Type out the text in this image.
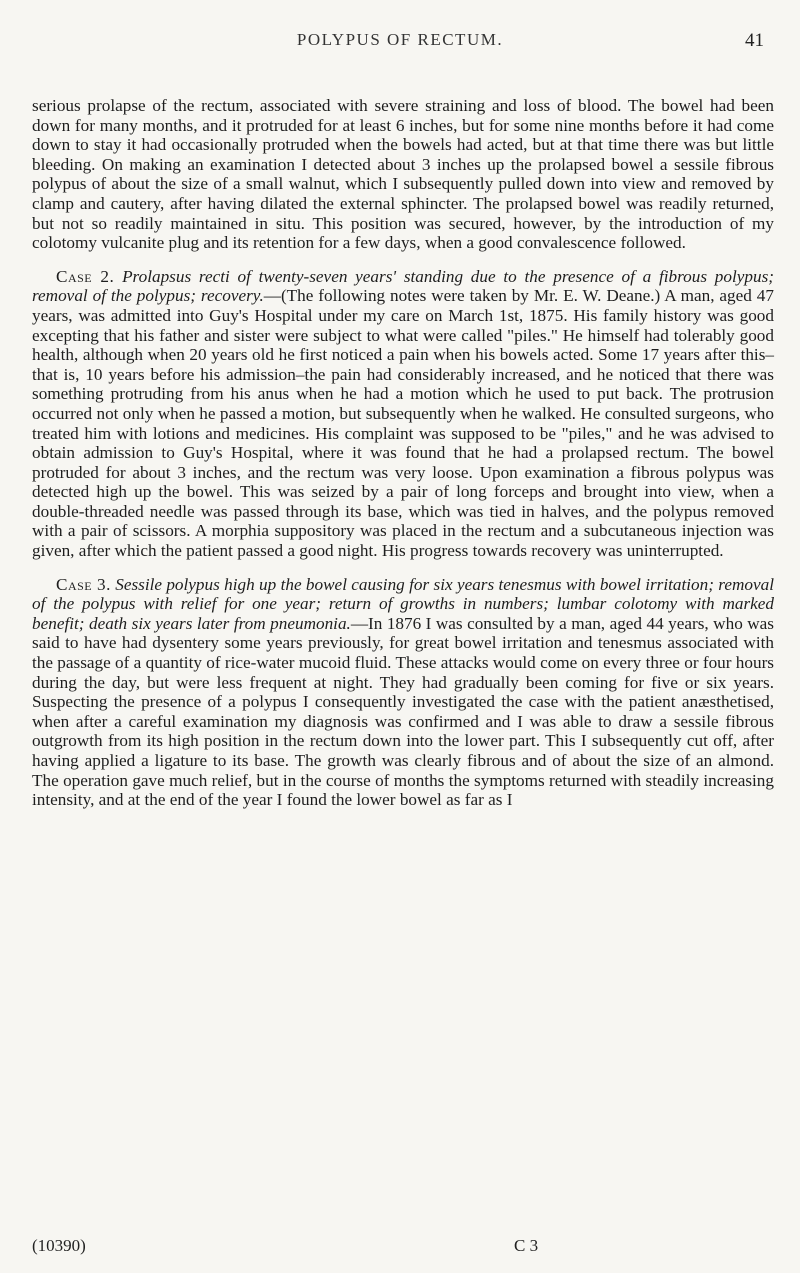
POLYPUS OF RECTUM.	41

serious prolapse of the rectum, associated with severe straining and loss of blood. The bowel had been down for many months, and it protruded for at least 6 inches, but for some nine months before it had come down to stay it had occasionally protruded when the bowels had acted, but at that time there was but little bleeding. On making an examination I detected about 3 inches up the prolapsed bowel a sessile fibrous polypus of about the size of a small walnut, which I subsequently pulled down into view and removed by clamp and cautery, after having dilated the external sphincter. The prolapsed bowel was readily returned, but not so readily maintained in situ. This position was secured, however, by the introduction of my colotomy vulcanite plug and its retention for a few days, when a good convalescence followed.

Case 2. Prolapsus recti of twenty-seven years' standing due to the presence of a fibrous polypus; removal of the polypus; recovery.—(The following notes were taken by Mr. E. W. Deane.) A man, aged 47 years, was admitted into Guy's Hospital under my care on March 1st, 1875. His family history was good excepting that his father and sister were subject to what were called "piles." He himself had tolerably good health, although when 20 years old he first noticed a pain when his bowels acted. Some 17 years after this–that is, 10 years before his admission–the pain had considerably increased, and he noticed that there was something protruding from his anus when he had a motion which he used to put back. The protrusion occurred not only when he passed a motion, but subsequently when he walked. He consulted surgeons, who treated him with lotions and medicines. His complaint was supposed to be "piles," and he was advised to obtain admission to Guy's Hospital, where it was found that he had a prolapsed rectum. The bowel protruded for about 3 inches, and the rectum was very loose. Upon examination a fibrous polypus was detected high up the bowel. This was seized by a pair of long forceps and brought into view, when a double-threaded needle was passed through its base, which was tied in halves, and the polypus removed with a pair of scissors. A morphia suppository was placed in the rectum and a subcutaneous injection was given, after which the patient passed a good night. His progress towards recovery was uninterrupted.

Case 3. Sessile polypus high up the bowel causing for six years tenesmus with bowel irritation; removal of the polypus with relief for one year; return of growths in numbers; lumbar colotomy with marked benefit; death six years later from pneumonia.—In 1876 I was consulted by a man, aged 44 years, who was said to have had dysentery some years previously, for great bowel irritation and tenesmus associated with the passage of a quantity of rice-water mucoid fluid. These attacks would come on every three or four hours during the day, but were less frequent at night. They had gradually been coming for five or six years. Suspecting the presence of a polypus I consequently investigated the case with the patient anæsthetised, when after a careful examination my diagnosis was confirmed and I was able to draw a sessile fibrous outgrowth from its high position in the rectum down into the lower part. This I subsequently cut off, after having applied a ligature to its base. The growth was clearly fibrous and of about the size of an almond. The operation gave much relief, but in the course of months the symptoms returned with steadily increasing intensity, and at the end of the year I found the lower bowel as far as I

(10390)	C 3
